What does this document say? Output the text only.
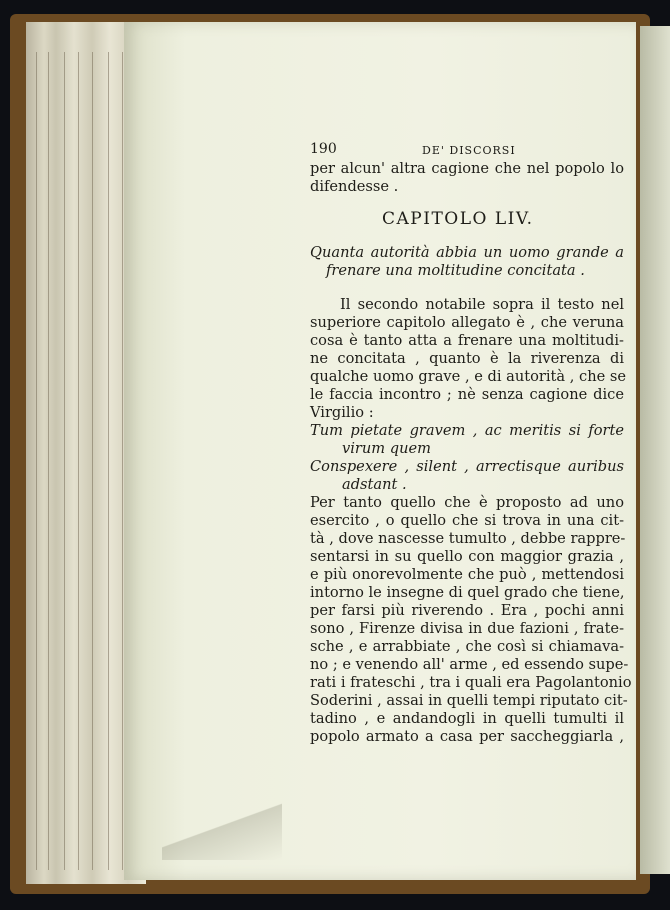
190	DE' DISCORSI
per alcun' altra cagione che nel popolo lo
difendesse .
CAPITOLO LIV.
Quanta autorità abbia un uomo grande a
frenare una moltitudine concitata .
Il secondo notabile sopra il testo nel
superiore capitolo allegato è , che veruna
cosa è tanto atta a frenare una moltitudi-
ne concitata , quanto è la riverenza di
qualche uomo grave , e di autorità , che se
le faccia incontro ; nè senza cagione dice
Virgilio :
Tum pietate gravem , ac meritis si forte
virum quem
Conspexere , silent , arrectisque auribus
adstant .
Per tanto quello che è proposto ad uno
esercito , o quello che si trova in una cit-
tà , dove nascesse tumulto , debbe rappre-
sentarsi in su quello con maggior grazia ,
e più onorevolmente che può , mettendosi
intorno le insegne di quel grado che tiene,
per farsi più riverendo . Era , pochi anni
sono , Firenze divisa in due fazioni , frate-
sche , e arrabbiate , che così si chiamava-
no ; e venendo all' arme , ed essendo supe-
rati i frateschi , tra i quali era Pagolantonio
Soderini , assai in quelli tempi riputato cit-
tadino , e andandogli in quelli tumulti il
popolo armato a casa per saccheggiarla ,
